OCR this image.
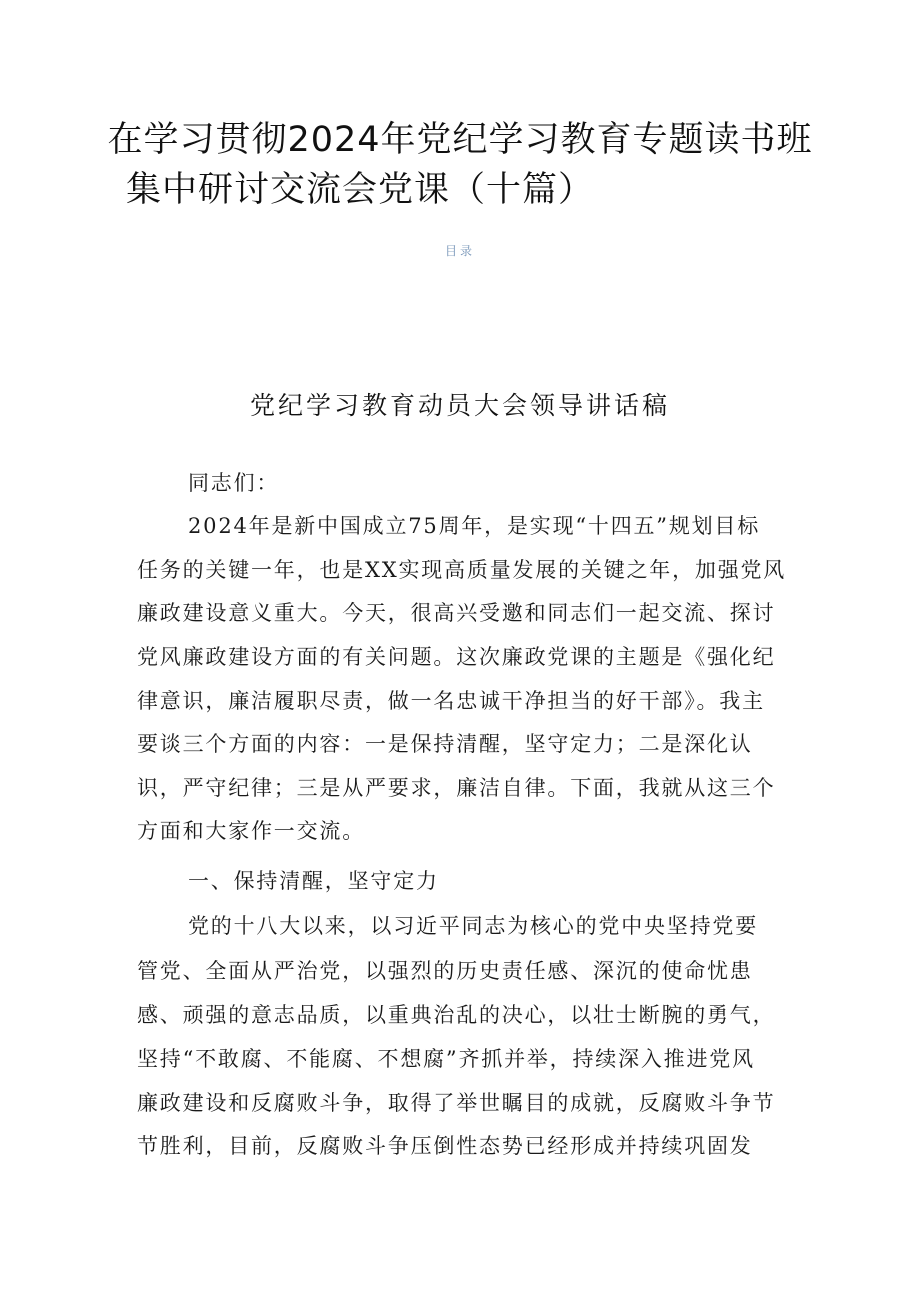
在学习贯彻2024年党纪学习教育专题读书班
集中研讨交流会党课（十篇）
目录
党纪学习教育动员大会领导讲话稿
同志们：
2024年是新中国成立75周年，是实现“十四五”规划目标
任务的关键一年，也是XX实现高质量发展的关键之年，加强党风
廉政建设意义重大。今天，很高兴受邀和同志们一起交流、探讨
党风廉政建设方面的有关问题。这次廉政党课的主题是《强化纪
律意识，廉洁履职尽责，做一名忠诚干净担当的好干部》。我主
要谈三个方面的内容：一是保持清醒，坚守定力；二是深化认
识，严守纪律；三是从严要求，廉洁自律。下面，我就从这三个
方面和大家作一交流。
一、保持清醒，坚守定力
党的十八大以来，以习近平同志为核心的党中央坚持党要
管党、全面从严治党，以强烈的历史责任感、深沉的使命忧患
感、顽强的意志品质，以重典治乱的决心，以壮士断腕的勇气，
坚持“不敢腐、不能腐、不想腐”齐抓并举，持续深入推进党风
廉政建设和反腐败斗争，取得了举世瞩目的成就，反腐败斗争节
节胜利，目前，反腐败斗争压倒性态势已经形成并持续巩固发
